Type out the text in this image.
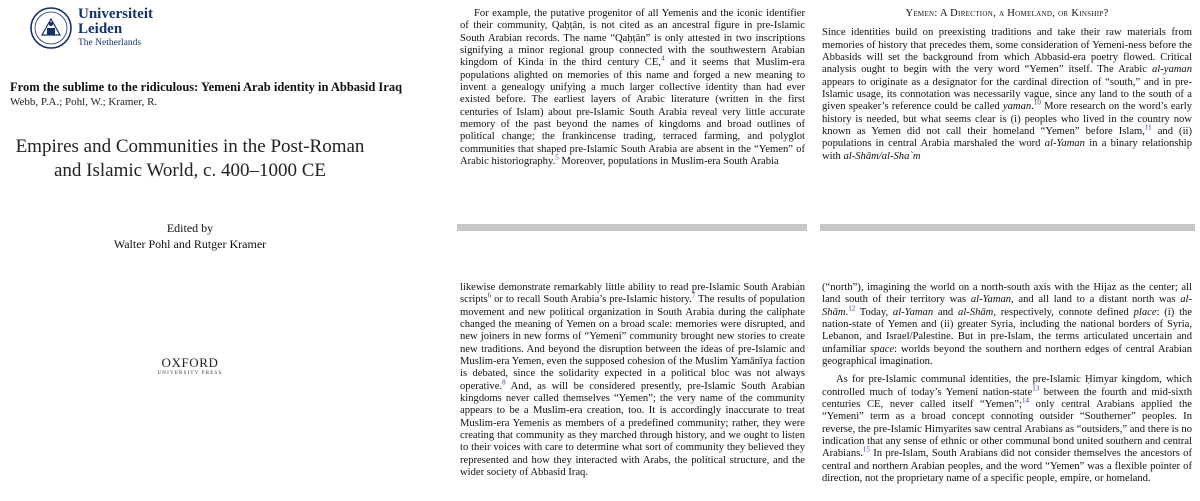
Universiteit
Leiden
The Netherlands
From the sublime to the ridiculous: Yemeni Arab identity in Abbasid Iraq
Webb, P.A.; Pohl, W.; Kramer, R.
Empires and Communities in the Post-Roman
and Islamic World, c. 400–1000 CE
Edited by
Walter Pohl and Rutger Kramer
OXFORD
UNIVERSITY PRESS
For example, the putative progenitor of all Yemenis and the iconic identifier of their community, Qaḥṭān, is not cited as an ancestral figure in pre-Islamic South Arabian records. The name “Qaḥṭān” is only attested in two inscriptions signifying a minor regional group connected with the southwestern Arabian kingdom of Kinda in the third century CE,$^4$ and it seems that Muslim-era populations alighted on memories of this name and forged a new meaning to invent a genealogy unifying a much larger collective identity than had ever existed before. The earliest layers of Arabic literature (written in the first centuries of Islam) about pre-Islamic South Arabia reveal very little accurate memory of the past beyond the names of kingdoms and broad outlines of political change; the frankincense trading, terraced farming, and polyglot communities that shaped pre-Islamic South Arabia are absent in the “Yemen” of Arabic historiography.$^5$ Moreover, populations in Muslim-era South Arabia
Yemen: A Direction, a Homeland, or Kinship?
Since identities build on preexisting traditions and take their raw materials from memories of history that precedes them, some consideration of Yemeni-ness before the Abbasids will set the background from which Abbasid-era poetry flowed. Critical analysis ought to begin with the very word “Yemen” itself. The Arabic al-yaman appears to originate as a designator for the cardinal direction of “south,” and in pre-Islamic usage, its connotation was necessarily vague, since any land to the south of a given speaker’s reference could be called yaman.$^{10}$ More research on the word’s early history is needed, but what seems clear is (i) peoples who lived in the country now known as Yemen did not call their homeland “Yemen” before Islam,$^{11}$ and (ii) populations in central Arabia marshaled the word al-Yaman in a binary relationship with al-Shām/al-Sha`m
likewise demonstrate remarkably little ability to read pre-Islamic South Arabian scripts$^6$ or to recall South Arabia’s pre-Islamic history.$^7$ The results of population movement and new political organization in South Arabia during the caliphate changed the meaning of Yemen on a broad scale: memories were disrupted, and new joiners in new forms of “Yemeni” community brought new stories to create new traditions. And beyond the disruption between the ideas of pre-Islamic and Muslim-era Yemen, even the supposed cohesion of the Muslim Yamānīya faction is debated, since the solidarity expected in a political bloc was not always operative.$^8$ And, as will be considered presently, pre-Islamic South Arabian kingdoms never called themselves “Yemen”; the very name of the community appears to be a Muslim-era creation, too. It is accordingly inaccurate to treat Muslim-era Yemenis as members of a predefined community; rather, they were creating that community as they marched through history, and we ought to listen to their voices with care to determine what sort of community they believed they represented and how they interacted with Arabs, the political structure, and the wider society of Abbasid Iraq.
(“north”), imagining the world on a north-south axis with the Hijaz as the center; all land south of their territory was al-Yaman, and all land to a distant north was al-Shām.$^{12}$ Today, al-Yaman and al-Shām, respectively, connote defined place: (i) the nation-state of Yemen and (ii) greater Syria, including the national borders of Syria, Lebanon, and Israel/Palestine. But in pre-Islam, the terms articulated uncertain and unfamiliar space: worlds beyond the southern and northern edges of central Arabian geographical imagination.
As for pre-Islamic communal identities, the pre-Islamic Ḥimyar kingdom, which controlled much of today’s Yemeni nation-state$^{13}$ between the fourth and mid-sixth centuries CE, never called itself “Yemen”;$^{14}$ only central Arabians applied the “Yemeni” term as a broad concept connoting outsider “Southerner” peoples. In reverse, the pre-Islamic Himyarites saw central Arabians as “outsiders,” and there is no indication that any sense of ethnic or other communal bond united southern and central Arabians.$^{15}$ In pre-Islam, South Arabians did not consider themselves the ancestors of central and northern Arabian peoples, and the word “Yemen” was a flexible pointer of direction, not the proprietary name of a specific people, empire, or homeland.
